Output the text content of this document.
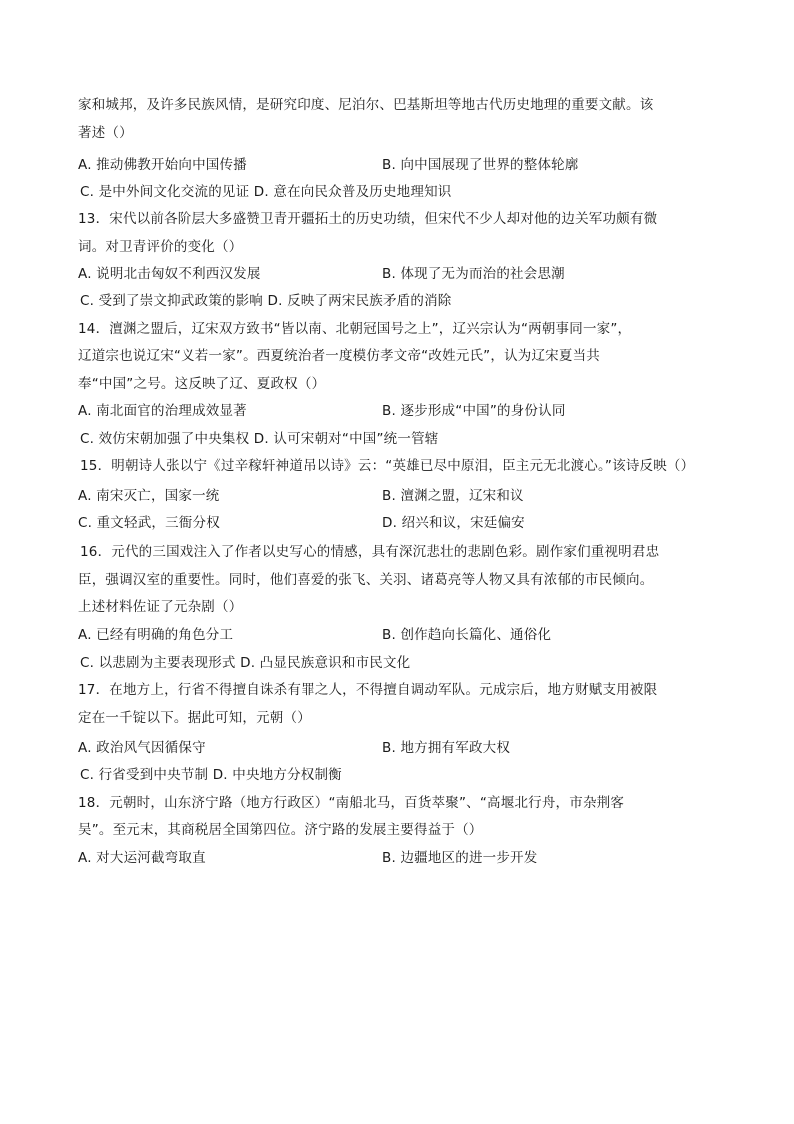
家和城邦，及许多民族风情，是研究印度、尼泊尔、巴基斯坦等地古代历史地理的重要文献。该
著述（）
A. 推动佛教开始向中国传播	B. 向中国展现了世界的整体轮廓
C. 是中外间文化交流的见证 D. 意在向民众普及历史地理知识
13．宋代以前各阶层大多盛赞卫青开疆拓土的历史功绩，但宋代不少人却对他的边关军功颇有微
词。对卫青评价的变化（）
A. 说明北击匈奴不利西汉发展	B. 体现了无为而治的社会思潮
C. 受到了崇文抑武政策的影响 D. 反映了两宋民族矛盾的消除
14．澶渊之盟后，辽宋双方致书“皆以南、北朝冠国号之上”，辽兴宗认为“两朝事同一家”，
辽道宗也说辽宋“义若一家”。西夏统治者一度模仿孝文帝“改姓元氏”，认为辽宋夏当共
奉“中国”之号。这反映了辽、夏政权（）
A. 南北面官的治理成效显著	B. 逐步形成“中国”的身份认同
C. 效仿宋朝加强了中央集权 D. 认可宋朝对“中国”统一管辖
15．明朝诗人张以宁《过辛稼轩神道吊以诗》云：“英雄已尽中原泪，臣主元无北渡心。”该诗反映（）
A. 南宋灭亡，国家一统	B. 澶渊之盟，辽宋和议
C. 重文轻武，三衙分权	D. 绍兴和议，宋廷偏安
16．元代的三国戏注入了作者以史写心的情感，具有深沉悲壮的悲剧色彩。剧作家们重视明君忠
臣，强调汉室的重要性。同时，他们喜爱的张飞、关羽、诸葛亮等人物又具有浓郁的市民倾向。
上述材料佐证了元杂剧（）
A. 已经有明确的角色分工	B. 创作趋向长篇化、通俗化
C. 以悲剧为主要表现形式 D. 凸显民族意识和市民文化
17．在地方上，行省不得擅自诛杀有罪之人，不得擅自调动军队。元成宗后，地方财赋支用被限
定在一千锭以下。据此可知，元朝（）
A. 政治风气因循保守	B. 地方拥有军政大权
C. 行省受到中央节制 D. 中央地方分权制衡
18．元朝时，山东济宁路（地方行政区）“南船北马，百货萃聚”、“高堰北行舟，市杂荆客
吴”。至元末，其商税居全国第四位。济宁路的发展主要得益于（）
A. 对大运河截弯取直	B. 边疆地区的进一步开发
